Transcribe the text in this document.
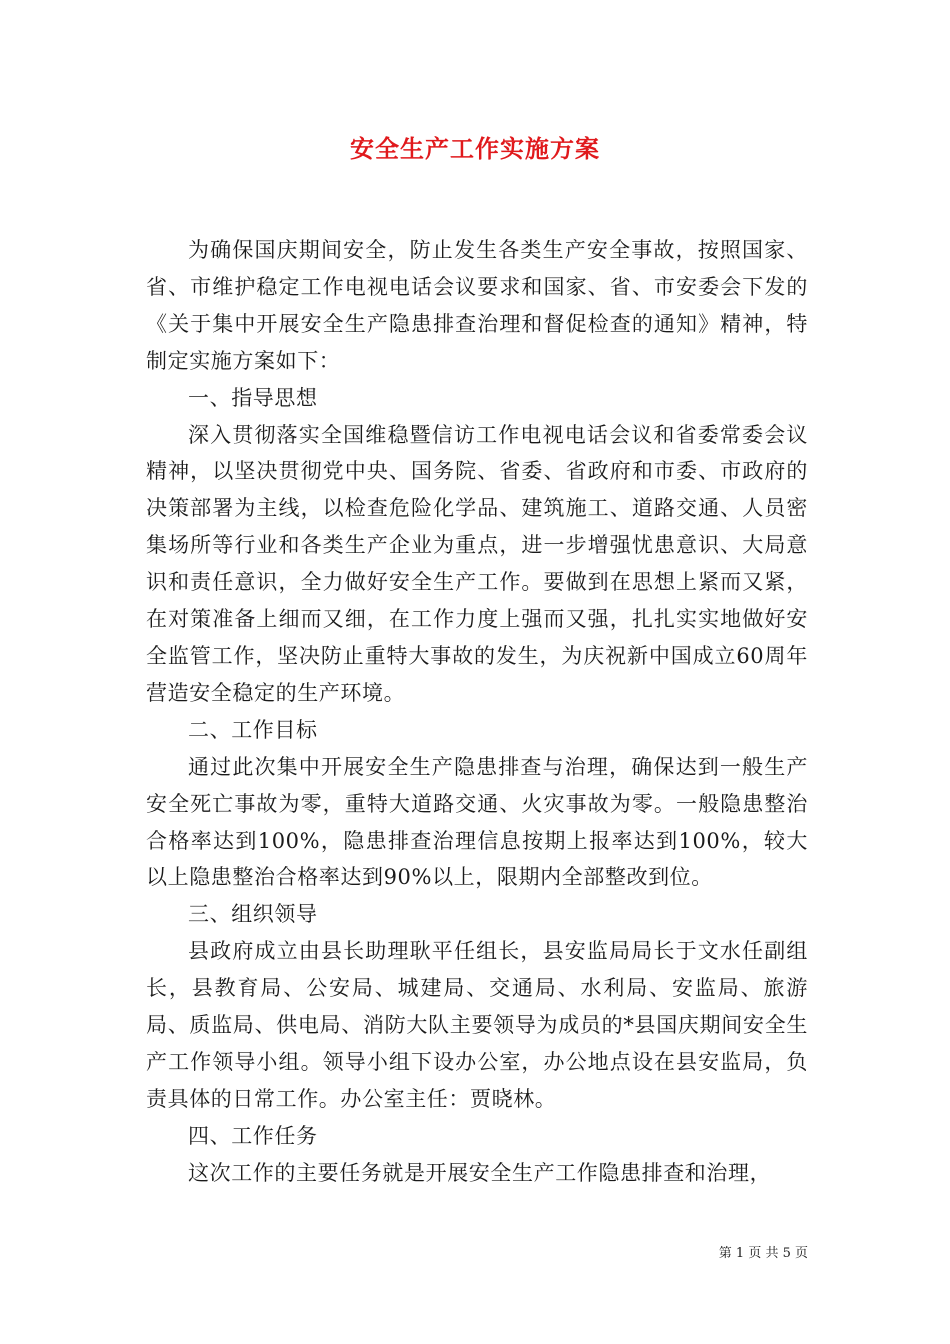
安全生产工作实施方案

为确保国庆期间安全，防止发生各类生产安全事故，按照国家、省、市维护稳定工作电视电话会议要求和国家、省、市安委会下发的《关于集中开展安全生产隐患排查治理和督促检查的通知》精神，特制定实施方案如下：

一、指导思想

深入贯彻落实全国维稳暨信访工作电视电话会议和省委常委会议精神，以坚决贯彻党中央、国务院、省委、省政府和市委、市政府的决策部署为主线，以检查危险化学品、建筑施工、道路交通、人员密集场所等行业和各类生产企业为重点，进一步增强忧患意识、大局意识和责任意识，全力做好安全生产工作。要做到在思想上紧而又紧，在对策准备上细而又细，在工作力度上强而又强，扎扎实实地做好安全监管工作，坚决防止重特大事故的发生，为庆祝新中国成立60周年营造安全稳定的生产环境。

二、工作目标

通过此次集中开展安全生产隐患排查与治理，确保达到一般生产安全死亡事故为零，重特大道路交通、火灾事故为零。一般隐患整治合格率达到100%，隐患排查治理信息按期上报率达到100%，较大以上隐患整治合格率达到90%以上，限期内全部整改到位。

三、组织领导

县政府成立由县长助理耿平任组长，县安监局局长于文水任副组长，县教育局、公安局、城建局、交通局、水利局、安监局、旅游局、质监局、供电局、消防大队主要领导为成员的*县国庆期间安全生产工作领导小组。领导小组下设办公室，办公地点设在县安监局，负责具体的日常工作。办公室主任：贾晓林。

四、工作任务

这次工作的主要任务就是开展安全生产工作隐患排查和治理，

第 1 页 共 5 页
